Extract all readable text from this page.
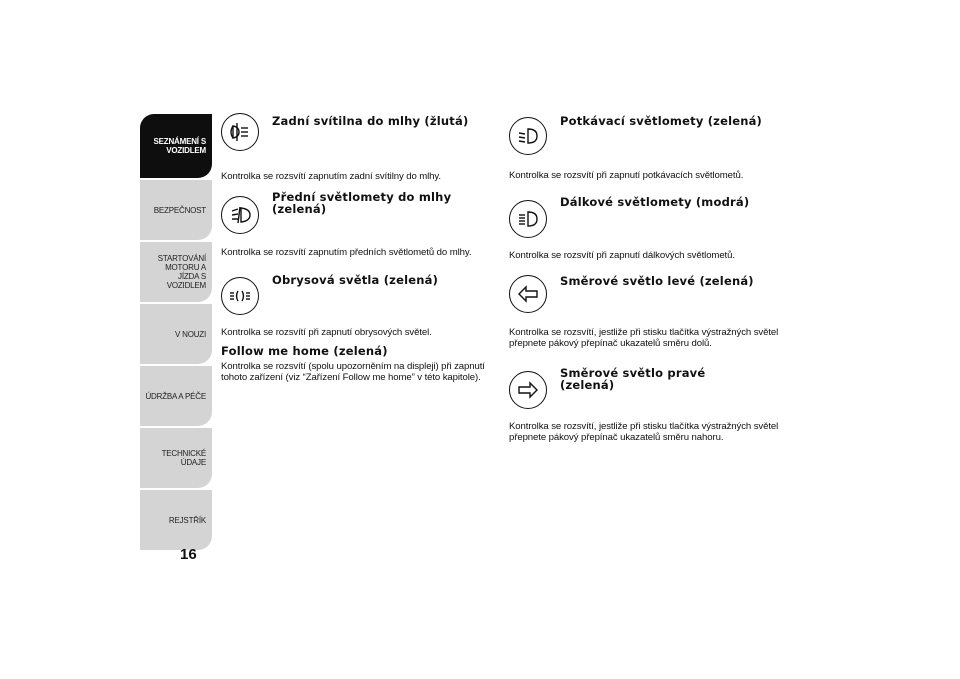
SEZNÁMENÍ S VOZIDLEM
BEZPEČNOST
STARTOVÁNÍ MOTORU A JÍZDA S VOZIDLEM
V NOUZI
ÚDRŽBA A PÉČE
TECHNICKÉ ÚDAJE
REJSTŘÍK
16

Zadní svítilna do mlhy (žlutá)

Kontrolka se rozsvítí zapnutím zadní svítilny do mlhy.

Přední světlomety do mlhy (zelená)

Kontrolka se rozsvítí zapnutím předních světlometů do mlhy.

Obrysová světla (zelená)

Kontrolka se rozsvítí při zapnutí obrysových světel.

Follow me home (zelená)

Kontrolka se rozsvítí (spolu upozorněním na displeji) při zapnutí tohoto zařízení (viz “Zařízení Follow me home” v této kapitole).

Potkávací světlomety (zelená)

Kontrolka se rozsvítí při zapnutí potkávacích světlometů.

Dálkové světlomety (modrá)

Kontrolka se rozsvítí při zapnutí dálkových světlometů.

Směrové světlo levé (zelená)

Kontrolka se rozsvítí, jestliže při stisku tlačítka výstražných světel přepnete pákový přepínač ukazatelů směru dolů.

Směrové světlo pravé (zelená)

Kontrolka se rozsvítí, jestliže při stisku tlačítka výstražných světel přepnete pákový přepínač ukazatelů směru nahoru.
